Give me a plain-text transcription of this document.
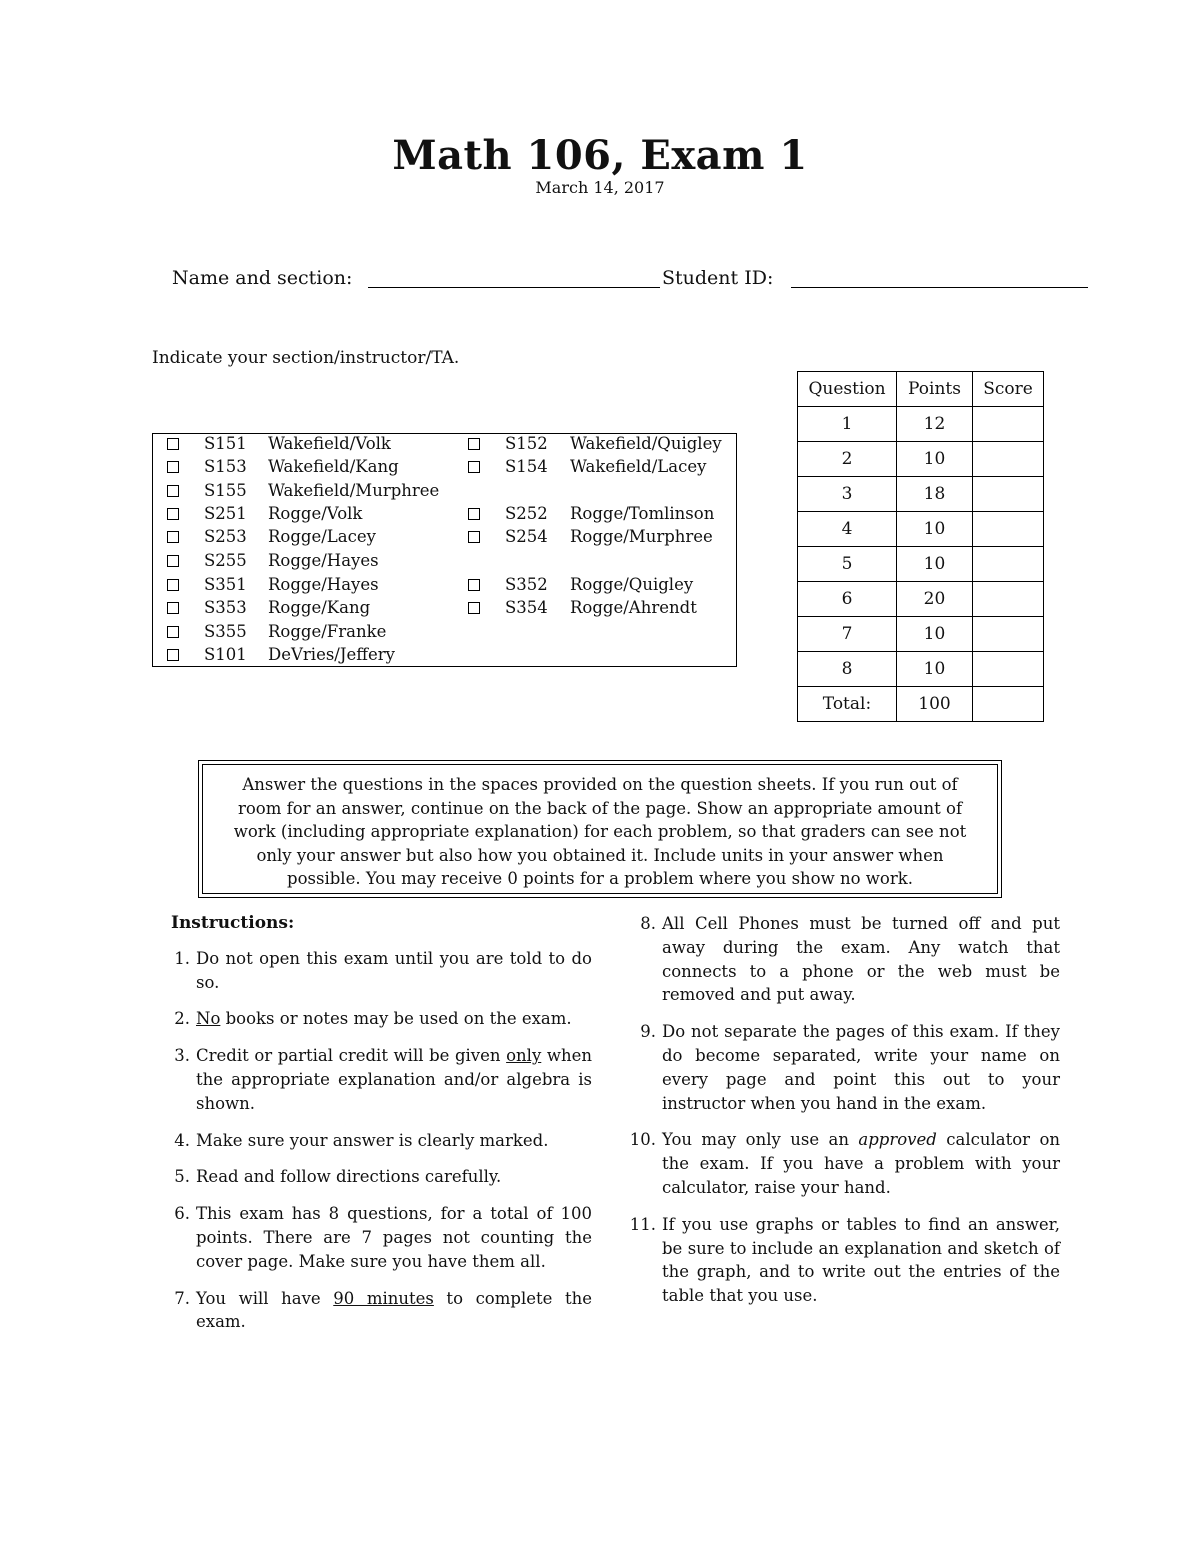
Math 106, Exam 1
March 14, 2017
Name and section:	Student ID:
Indicate your section/instructor/TA.
S151 Wakefield/Volk	S152 Wakefield/Quigley
S153 Wakefield/Kang	S154 Wakefield/Lacey
S155 Wakefield/Murphree
S251 Rogge/Volk	S252 Rogge/Tomlinson
S253 Rogge/Lacey	S254 Rogge/Murphree
S255 Rogge/Hayes
S351 Rogge/Hayes	S352 Rogge/Quigley
S353 Rogge/Kang	S354 Rogge/Ahrendt
S355 Rogge/Franke
S101 DeVries/Jeffery
Question	Points	Score
1	12	
2	10	
3	18	
4	10	
5	10	
6	20	
7	10	
8	10	
Total:	100	
Answer the questions in the spaces provided on the question sheets. If you run out of room for an answer, continue on the back of the page. Show an appropriate amount of work (including appropriate explanation) for each problem, so that graders can see not only your answer but also how you obtained it. Include units in your answer when possible. You may receive 0 points for a problem where you show no work.
Instructions:
1. Do not open this exam until you are told to do so.
2. No books or notes may be used on the exam.
3. Credit or partial credit will be given only when the appropriate explanation and/or algebra is shown.
4. Make sure your answer is clearly marked.
5. Read and follow directions carefully.
6. This exam has 8 questions, for a total of 100 points. There are 7 pages not counting the cover page. Make sure you have them all.
7. You will have 90 minutes to complete the exam.
8. All Cell Phones must be turned off and put away during the exam. Any watch that connects to a phone or the web must be removed and put away.
9. Do not separate the pages of this exam. If they do become separated, write your name on every page and point this out to your instructor when you hand in the exam.
10. You may only use an approved calculator on the exam. If you have a problem with your calculator, raise your hand.
11. If you use graphs or tables to find an answer, be sure to include an explanation and sketch of the graph, and to write out the entries of the table that you use.
